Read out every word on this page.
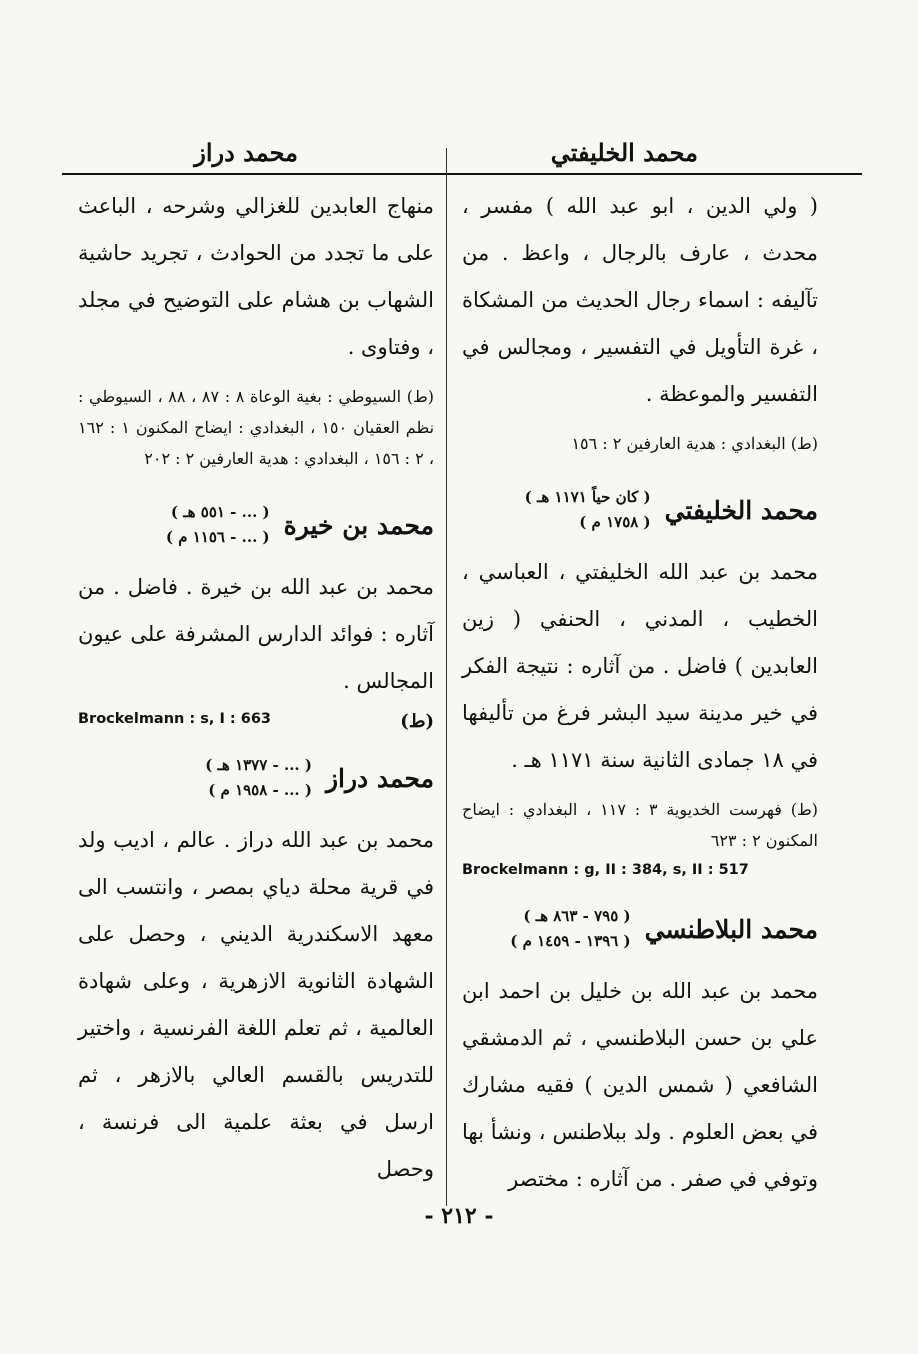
محمد الخليفتي
محمد دراز

( ولي الدين ، ابو عبد الله ) مفسر ، محدث ، عارف بالرجال ، واعظ . من تآليفه : اسماء رجال الحديث من المشكاة ، غرة التأويل في التفسير ، ومجالس في التفسير والموعظة .

(ط) البغدادي : هدية العارفين ٢ : ١٥٦

محمد الخليفتي
( كان حياً ١١٧١ هـ )
( ١٧٥٨ م )

محمد بن عبد الله الخليفتي ، العباسي ، الخطيب ، المدني ، الحنفي ( زين العابدين ) فاضل . من آثاره : نتيجة الفكر في خير مدينة سيد البشر فرغ من تأليفها في ١٨ جمادى الثانية سنة ١١٧١ هـ .

(ط) فهرست الخديوية ٣ : ١١٧ ، البغدادي : ايضاح المكنون ٢ : ٦٢٣

Brockelmann : g, II : 384, s, II : 517

محمد البلاطنسي
( ٧٩٥ - ٨٦٣ هـ )
( ١٣٩٦ - ١٤٥٩ م )

محمد بن عبد الله بن خليل بن احمد ابن علي بن حسن البلاطنسي ، ثم الدمشقي الشافعي ( شمس الدين ) فقيه مشارك في بعض العلوم . ولد ببلاطنس ، ونشأ بها وتوفي في صفر . من آثاره : مختصر

منهاج العابدين للغزالي وشرحه ، الباعث على ما تجدد من الحوادث ، تجريد حاشية الشهاب بن هشام على التوضيح في مجلد ، وفتاوى .

(ط) السيوطي : بغية الوعاة ٨ : ٨٧ ، ٨٨ ، السيوطي : نظم العقيان ١٥٠ ، البغدادي : ايضاح المكنون ١ : ١٦٢ ، ٢ : ١٥٦ ، البغدادي : هدية العارفين ٢ : ٢٠٢

محمد بن خيرة
( ... - ٥٥١ هـ )
( ... - ١١٥٦ م )

محمد بن عبد الله بن خيرة . فاضل . من آثاره : فوائد الدارس المشرفة على عيون المجالس .

Brockelmann : s, I : 663	(ط)

محمد دراز
( ... - ١٣٧٧ هـ )
( ... - ١٩٥٨ م )

محمد بن عبد الله دراز . عالم ، اديب ولد في قرية محلة دياي بمصر ، وانتسب الى معهد الاسكندرية الديني ، وحصل على الشهادة الثانوية الازهرية ، وعلى شهادة العالمية ، ثم تعلم اللغة الفرنسية ، واختير للتدريس بالقسم العالي بالازهر ، ثم ارسل في بعثة علمية الى فرنسة ، وحصل

- ٢١٢ -
